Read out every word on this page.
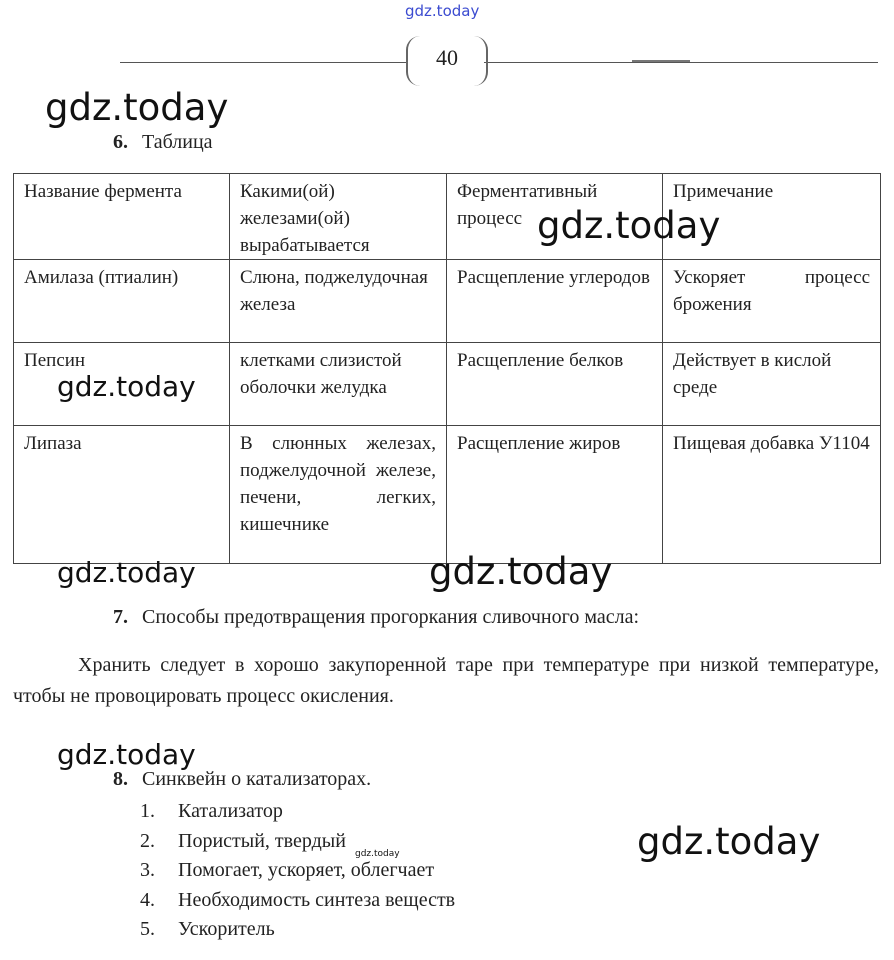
gdz.today
40
gdz.today
6. Таблица
Название фермента	Какими(ой) железами(ой) вырабатывается	Ферментативный процесс	Примечание
Амилаза (птиалин)	Слюна, поджелудочная железа	Расщепление углеродов	Ускоряет процесс брожения
Пепсин	клетками слизистой оболочки желудка	Расщепление белков	Действует в кислой среде
Липаза	В слюнных железах, поджелудочной железе, печени, легких, кишечнике	Расщепление жиров	Пищевая добавка У1104
gdz.today
gdz.today
gdz.today	gdz.today
7. Способы предотвращения прогоркания сливочного масла:
Хранить следует в хорошо закупоренной таре при температуре при низкой температуре, чтобы не провоцировать процесс окисления.
gdz.today
8. Синквейн о катализаторах.
1. Катализатор
2. Пористый, твердый
3. Помогает, ускоряет, облегчает
4. Необходимость синтеза веществ
5. Ускоритель
gdz.today	gdz.today
